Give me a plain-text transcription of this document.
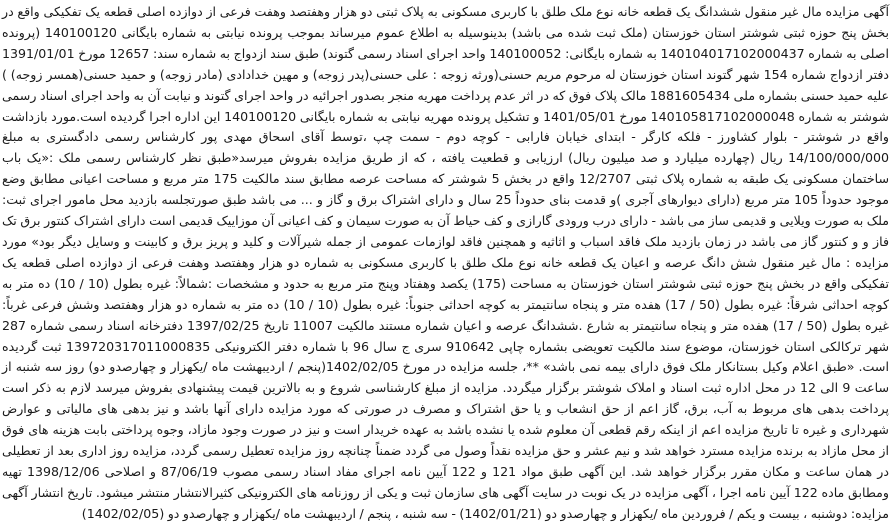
آگهی مزایده مال غیر منقول ششدانگ یک قطعه خانه نوع ملک طلق با کاربری مسکونی به پلاک ثبتی دو هزار وهفتصد وهفت فرعی از دوازده اصلی قطعه یک تفکیکی واقع در بخش پنج حوزه ثبتی شوشتر استان خوزستان (ملک ثبت شده می باشد) بدینوسیله به اطلاع عموم میرساند بموجب پرونده نیابتی به شماره بایگانی 140100120 (پرونده اصلی به شماره 140104017102000437 به شماره بایگانی: 140100052 واحد اجرای اسناد رسمی گتوند) طبق سند ازدواج به شماره سند: 12657 مورخ 1391/01/01 دفتر ازدواج شماره 154 شهر گتوند استان خوزستان له مرحوم مریم حسنی(ورثه زوجه : علی حسنی(پدر زوجه) و مهین خدادادی (مادر زوجه) و حمید حسنی(همسر زوجه) ) علیه حمید حسنی بشماره ملی 1881605434 مالک پلاک فوق که در اثر عدم پرداخت مهریه منجر بصدور اجرائیه در واحد اجرای گتوند و نیابت آن به واحد اجرای اسناد رسمی شوشتر به شماره 140105817102000048 مورخ 1401/05/01 و تشکیل پرونده مهریه نیابتی به شماره بایگانی 140100120 این اداره اجرا گردیده است.مورد بازداشت واقع در شوشتر - بلوار کشاورز - فلکه کارگر - ابتدای خیابان فارابی - کوچه دوم - سمت چپ ،توسط آقای اسحاق مهدی پور کارشناس رسمی دادگستری به مبلغ 14/100/000/000 ریال (چهارده میلیارد و صد میلیون ریال) ارزیابی و قطعیت یافته ، که از طریق مزایده بفروش میرسد«طبق نظر کارشناس رسمی ملک :«یک باب ساختمان مسکونی یک طبقه به شماره پلاک ثبتی 12/2707 واقع در بخش 5 شوشتر که مساحت عرصه مطابق سند مالکیت 175 متر مربع و مساحت اعیانی مطابق وضع موجود حدوداً 105 متر مربع (دارای دیوارهای آجری )و قدمت بنای حدوداً 25 سال و دارای اشتراک برق و گاز و ... می باشد طبق صورتجلسه بازدید محل مامور اجرای ثبت: ملک به صورت ویلایی و قدیمی ساز می باشد - دارای درب ورودی گارازی و کف حیاط آن به صورت سیمان و کف اعیانی آن موزاییک قدیمی است دارای اشتراک کنتور برق تک فاز و و کنتور گاز می باشد در زمان بازدید ملک فاقد اسباب و اثاثیه و همچنین فاقد لوازمات عمومی از جمله شیرآلات و کلید و پریز برق و کابینت و وسایل دیگر بود» مورد مزایده : مال غیر منقول شش دانگ عرصه و اعیان یک قطعه خانه نوع ملک طلق با کاربری مسکونی به شماره دو هزار وهفتصد وهفت فرعی از دوازده اصلی قطعه یک تفکیکی واقع در بخش پنج حوزه ثبتی شوشتر استان خوزستان به مساحت (175) یکصد وهفتاد وپنج متر مربع به حدود و مشخصات :شمالاً: غیره بطول (10 / 10) ده متر به کوچه احداثی شرقاً: غیره بطول (50 / 17) هفده متر و پنجاه سانتیمتر به کوچه احداثی جنوباً: غیره بطول (10 / 10) ده متر به شماره دو هزار وهفتصد وشش فرعی غرباً: غیره بطول (50 / 17) هفده متر و پنجاه سانتیمتر به شارع .ششدانگ عرصه و اعیان شماره مستند مالکیت 11007 تاریخ 1397/02/25 دفترخانه اسناد رسمی شماره 287 شهر ترکالکی استان خوزستان، موضوع سند مالکیت تعویضی بشماره چاپی 910642 سری ج سال 96 با شماره دفتر الکترونیکی 139720317011000835 ثبت گردیده است. «طبق اعلام وکیل بستانکار ملک فوق دارای بیمه نمی باشد» **، جلسه مزایده در مورخ 1402/02/05(پنجم / اردیبهشت ماه /یکهزار و چهارصدو دو) روز سه شنبه از ساعت 9 الی 12 در محل اداره ثبت اسناد و املاک شوشتر برگزار میگردد. مزایده از مبلغ کارشناسی شروع و به بالاترین قیمت پیشنهادی بفروش میرسد لازم به ذکر است پرداخت بدهی های مربوط به آب، برق، گاز اعم از حق انشعاب و یا حق اشتراک و مصرف در صورتی که مورد مزایده دارای آنها باشد و نیز بدهی های مالیاتی و عوارض شهرداری و غیره تا تاریخ مزایده اعم از اینکه رقم قطعی آن معلوم شده یا نشده باشد به عهده خریدار است و نیز در صورت وجود مازاد، وجوه پرداختی بابت هزینه های فوق از محل مازاد به برنده مزایده مسترد خواهد شد و نیم عشر و حق مزایده نقداً وصول می گردد ضمناً چنانچه روز مزایده تعطیل رسمی گردد، مزایده روز اداری بعد از تعطیلی در همان ساعت و مکان مقرر برگزار خواهد شد. این آگهی طبق مواد 121 و 122 آیین نامه اجرای مفاد اسناد رسمی مصوب 87/06/19 و اصلاحی 1398/12/06 تهیه ومطابق ماده 122 آیین نامه اجرا ، آگهی مزایده در یک نوبت در سایت آگهی های سازمان ثبت و یکی از روزنامه های الکترونیکی کثیرالانتشار منتشر میشود. تاریخ انتشار آگهی مزایده: دوشنبه ، بیست و یکم / فروردین ماه /یکهزار و چهارصدو دو (1402/01/21) - سه شنبه ، پنجم / اردیبهشت ماه /یکهزار و چهارصدو دو (1402/02/05)
